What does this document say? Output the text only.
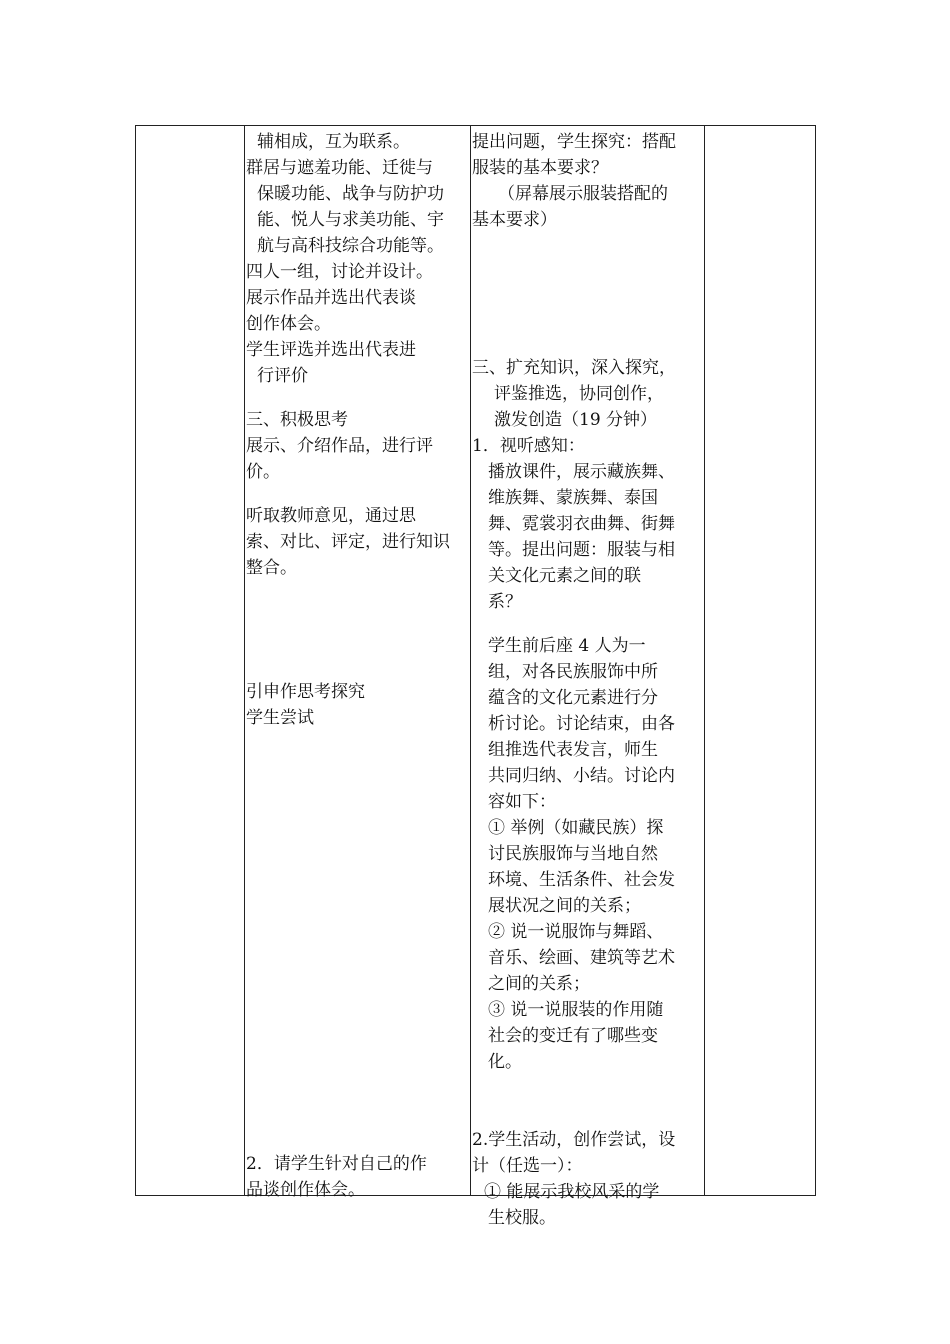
辅相成，互为联系。
群居与遮羞功能、迁徙与
保暖功能、战争与防护功
能、悦人与求美功能、宇
航与高科技综合功能等。
四人一组，讨论并设计。
展示作品并选出代表谈
创作体会。
学生评选并选出代表进
行评价
三、积极思考
展示、介绍作品，进行评
价。
听取教师意见，通过思
索、对比、评定，进行知识
整合。
引申作思考探究
学生尝试
2．请学生针对自己的作
品谈创作体会。
提出问题，学生探究：搭配
服装的基本要求？
（屏幕展示服装搭配的
基本要求）
三、扩充知识，深入探究，
评鉴推选，协同创作，
激发创造（19 分钟）
1．视听感知：
播放课件，展示藏族舞、
维族舞、蒙族舞、泰国
舞、霓裳羽衣曲舞、街舞
等。提出问题：服装与相
关文化元素之间的联
系？
学生前后座 4 人为一
组，对各民族服饰中所
蕴含的文化元素进行分
析讨论。讨论结束，由各
组推选代表发言，师生
共同归纳、小结。讨论内
容如下：
① 举例（如藏民族）探
讨民族服饰与当地自然
环境、生活条件、社会发
展状况之间的关系；
② 说一说服饰与舞蹈、
音乐、绘画、建筑等艺术
之间的关系；
③ 说一说服装的作用随
社会的变迁有了哪些变
化。
2.学生活动，创作尝试，设
计（任选一）：
① 能展示我校风采的学
生校服。
